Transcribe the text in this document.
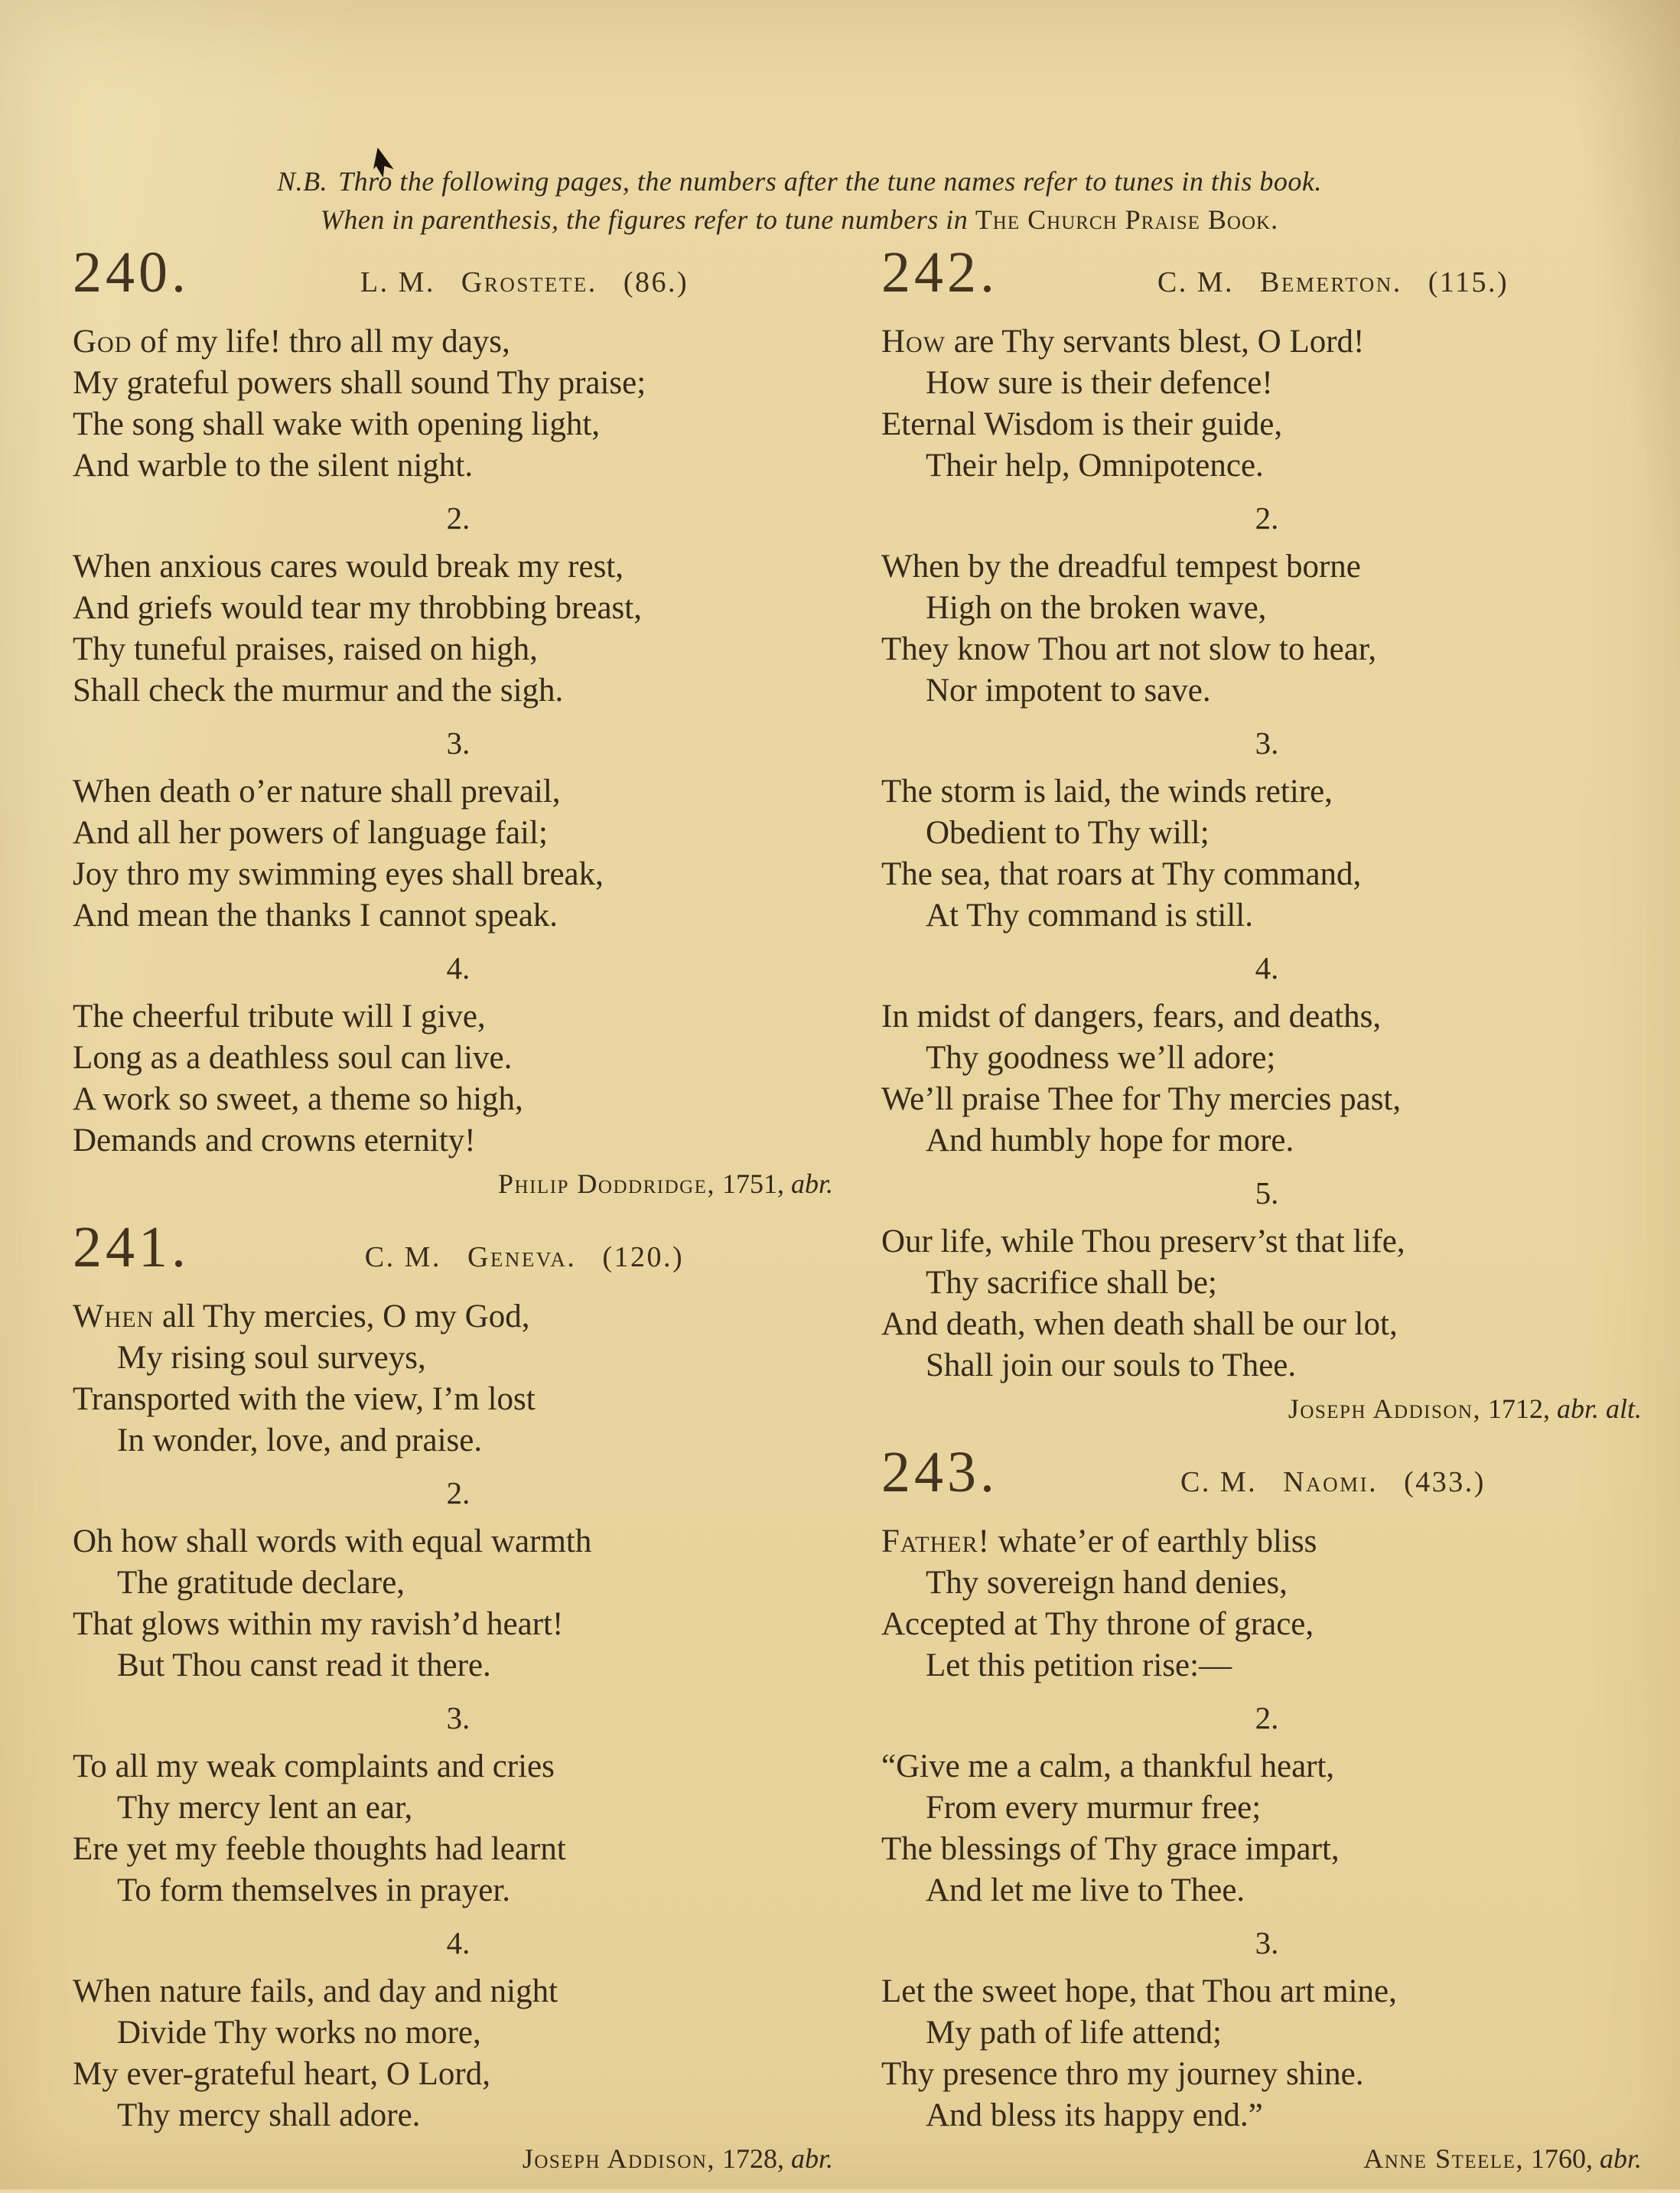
N.B. Thro the following pages, the numbers after the tune names refer to tunes in this book.
When in parenthesis, the figures refer to tune numbers in The Church Praise Book.
240.	L. M. Grostete. (86.)
God of my life! thro all my days,
My grateful powers shall sound Thy praise;
The song shall wake with opening light,
And warble to the silent night.
2.
When anxious cares would break my rest,
And griefs would tear my throbbing breast,
Thy tuneful praises, raised on high,
Shall check the murmur and the sigh.
3.
When death o’er nature shall prevail,
And all her powers of language fail;
Joy thro my swimming eyes shall break,
And mean the thanks I cannot speak.
4.
The cheerful tribute will I give,
Long as a deathless soul can live.
A work so sweet, a theme so high,
Demands and crowns eternity!
Philip Doddridge, 1751, abr.
241.	C. M. Geneva. (120.)
When all Thy mercies, O my God,
My rising soul surveys,
Transported with the view, I’m lost
In wonder, love, and praise.
2.
Oh how shall words with equal warmth
The gratitude declare,
That glows within my ravish’d heart!
But Thou canst read it there.
3.
To all my weak complaints and cries
Thy mercy lent an ear,
Ere yet my feeble thoughts had learnt
To form themselves in prayer.
4.
When nature fails, and day and night
Divide Thy works no more,
My ever-grateful heart, O Lord,
Thy mercy shall adore.
Joseph Addison, 1728, abr.
242.	C. M. Bemerton. (115.)
How are Thy servants blest, O Lord!
How sure is their defence!
Eternal Wisdom is their guide,
Their help, Omnipotence.
2.
When by the dreadful tempest borne
High on the broken wave,
They know Thou art not slow to hear,
Nor impotent to save.
3.
The storm is laid, the winds retire,
Obedient to Thy will;
The sea, that roars at Thy command,
At Thy command is still.
4.
In midst of dangers, fears, and deaths,
Thy goodness we’ll adore;
We’ll praise Thee for Thy mercies past,
And humbly hope for more.
5.
Our life, while Thou preserv’st that life,
Thy sacrifice shall be;
And death, when death shall be our lot,
Shall join our souls to Thee.
Joseph Addison, 1712, abr. alt.
243.	C. M. Naomi. (433.)
Father! whate’er of earthly bliss
Thy sovereign hand denies,
Accepted at Thy throne of grace,
Let this petition rise:—
2.
“Give me a calm, a thankful heart,
From every murmur free;
The blessings of Thy grace impart,
And let me live to Thee.
3.
Let the sweet hope, that Thou art mine,
My path of life attend;
Thy presence thro my journey shine.
And bless its happy end.”
Anne Steele, 1760, abr.
